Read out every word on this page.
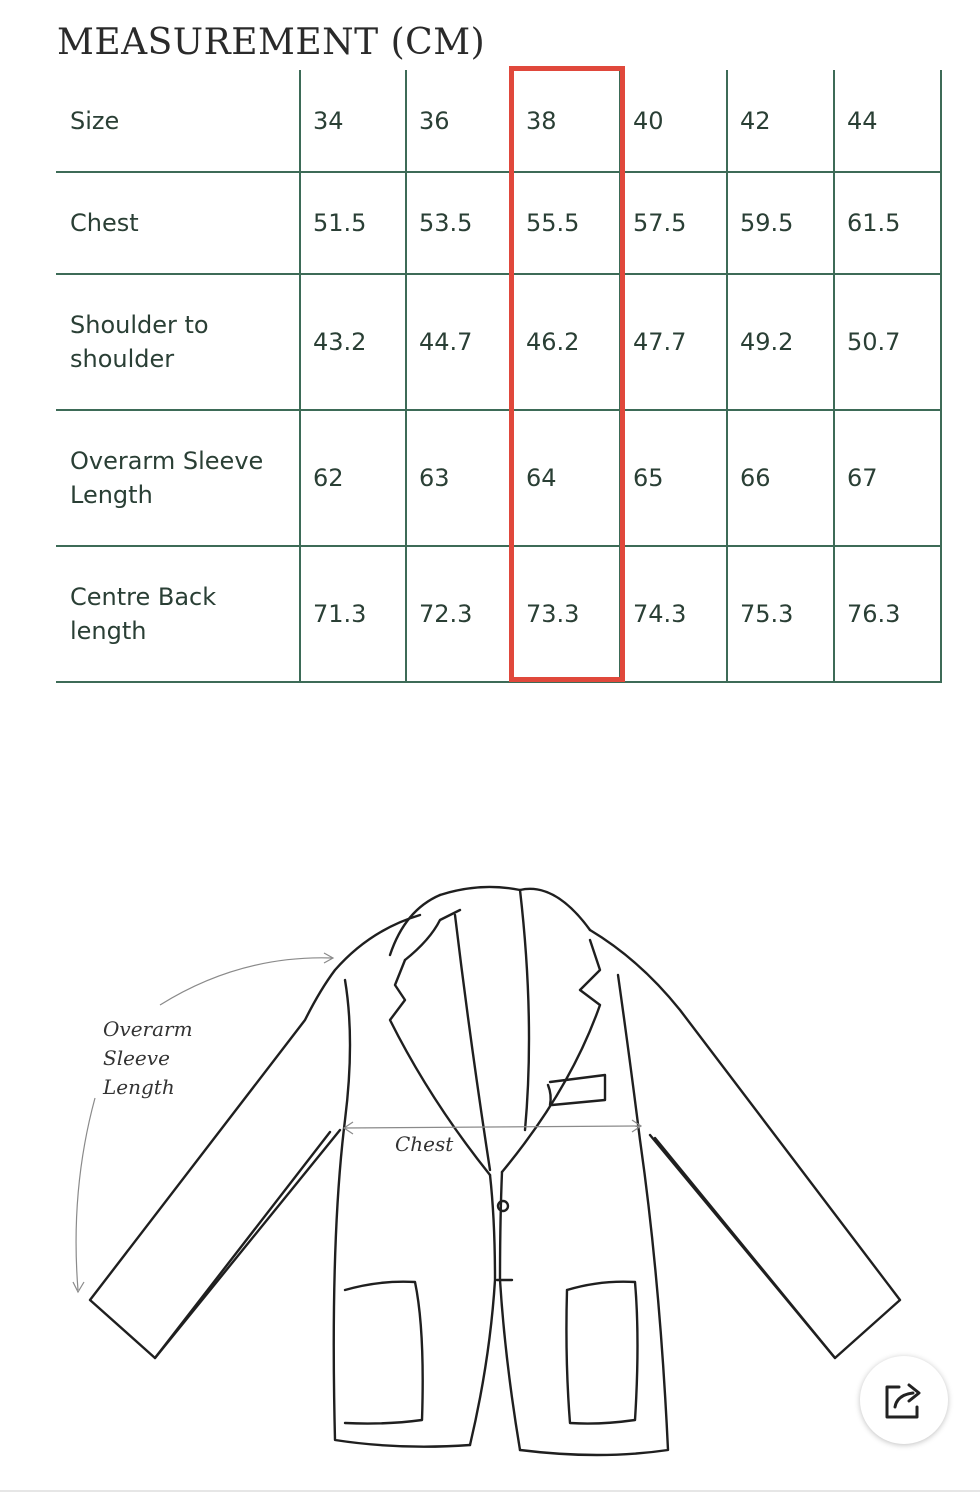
MEASUREMENT (CM)
Size	34	36	38	40	42	44
Chest	51.5	53.5	55.5	57.5	59.5	61.5
Shoulder to shoulder	43.2	44.7	46.2	47.7	49.2	50.7
Overarm Sleeve Length	62	63	64	65	66	67
Centre Back length	71.3	72.3	73.3	74.3	75.3	76.3
Overarm
Sleeve
Length
Chest
